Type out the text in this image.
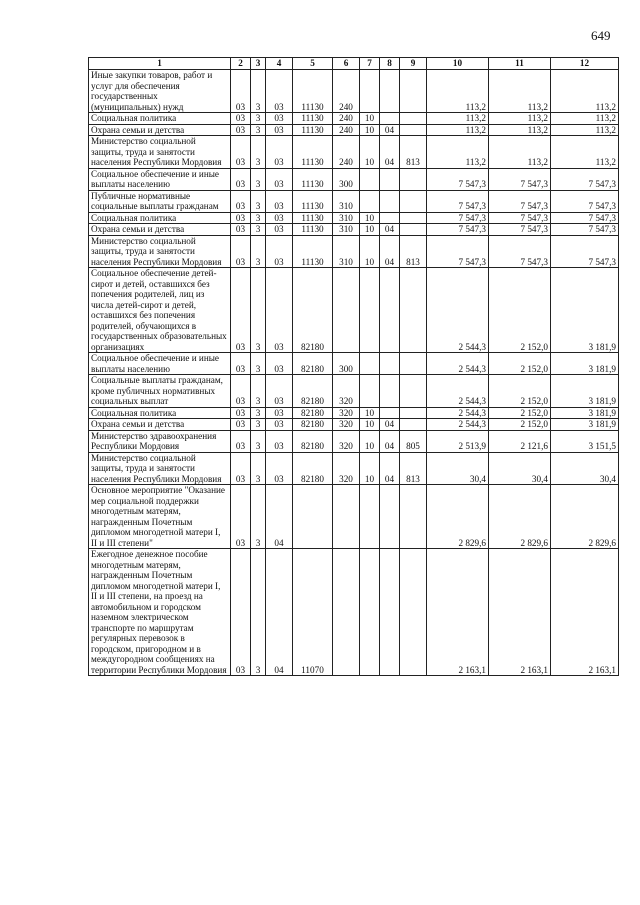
649
1	2	3	4	5	6	7	8	9	10	11	12
Иные закупки товаров, работ и услуг для обеспечения государственных (муниципальных) нужд	03	3	03	11130	240				113,2	113,2	113,2
Социальная политика	03	3	03	11130	240	10			113,2	113,2	113,2
Охрана семьи и детства	03	3	03	11130	240	10	04		113,2	113,2	113,2
Министерство социальной защиты, труда и занятости населения Республики Мордовия	03	3	03	11130	240	10	04	813	113,2	113,2	113,2
Социальное обеспечение и иные выплаты населению	03	3	03	11130	300				7 547,3	7 547,3	7 547,3
Публичные нормативные социальные выплаты гражданам	03	3	03	11130	310				7 547,3	7 547,3	7 547,3
Социальная политика	03	3	03	11130	310	10			7 547,3	7 547,3	7 547,3
Охрана семьи и детства	03	3	03	11130	310	10	04		7 547,3	7 547,3	7 547,3
Министерство социальной защиты, труда и занятости населения Республики Мордовия	03	3	03	11130	310	10	04	813	7 547,3	7 547,3	7 547,3
Социальное обеспечение детей-сирот и детей, оставшихся без попечения родителей, лиц из числа детей-сирот и детей, оставшихся без попечения родителей, обучающихся в государственных образовательных организациях	03	3	03	82180					2 544,3	2 152,0	3 181,9
Социальное обеспечение и иные выплаты населению	03	3	03	82180	300				2 544,3	2 152,0	3 181,9
Социальные выплаты гражданам, кроме публичных нормативных социальных выплат	03	3	03	82180	320				2 544,3	2 152,0	3 181,9
Социальная политика	03	3	03	82180	320	10			2 544,3	2 152,0	3 181,9
Охрана семьи и детства	03	3	03	82180	320	10	04		2 544,3	2 152,0	3 181,9
Министерство здравоохранения Республики Мордовия	03	3	03	82180	320	10	04	805	2 513,9	2 121,6	3 151,5
Министерство социальной защиты, труда и занятости населения Республики Мордовия	03	3	03	82180	320	10	04	813	30,4	30,4	30,4
Основное мероприятие "Оказание мер социальной поддержки многодетным матерям, награжденным Почетным дипломом многодетной матери I, II и III степени"	03	3	04						2 829,6	2 829,6	2 829,6
Ежегодное денежное пособие многодетным матерям, награжденным Почетным дипломом многодетной матери I, II и III степени, на проезд на автомобильном и городском наземном электрическом транспорте по маршрутам регулярных перевозок в городском, пригородном и в междугородном сообщениях на территории Республики Мордовия	03	3	04	11070					2 163,1	2 163,1	2 163,1
